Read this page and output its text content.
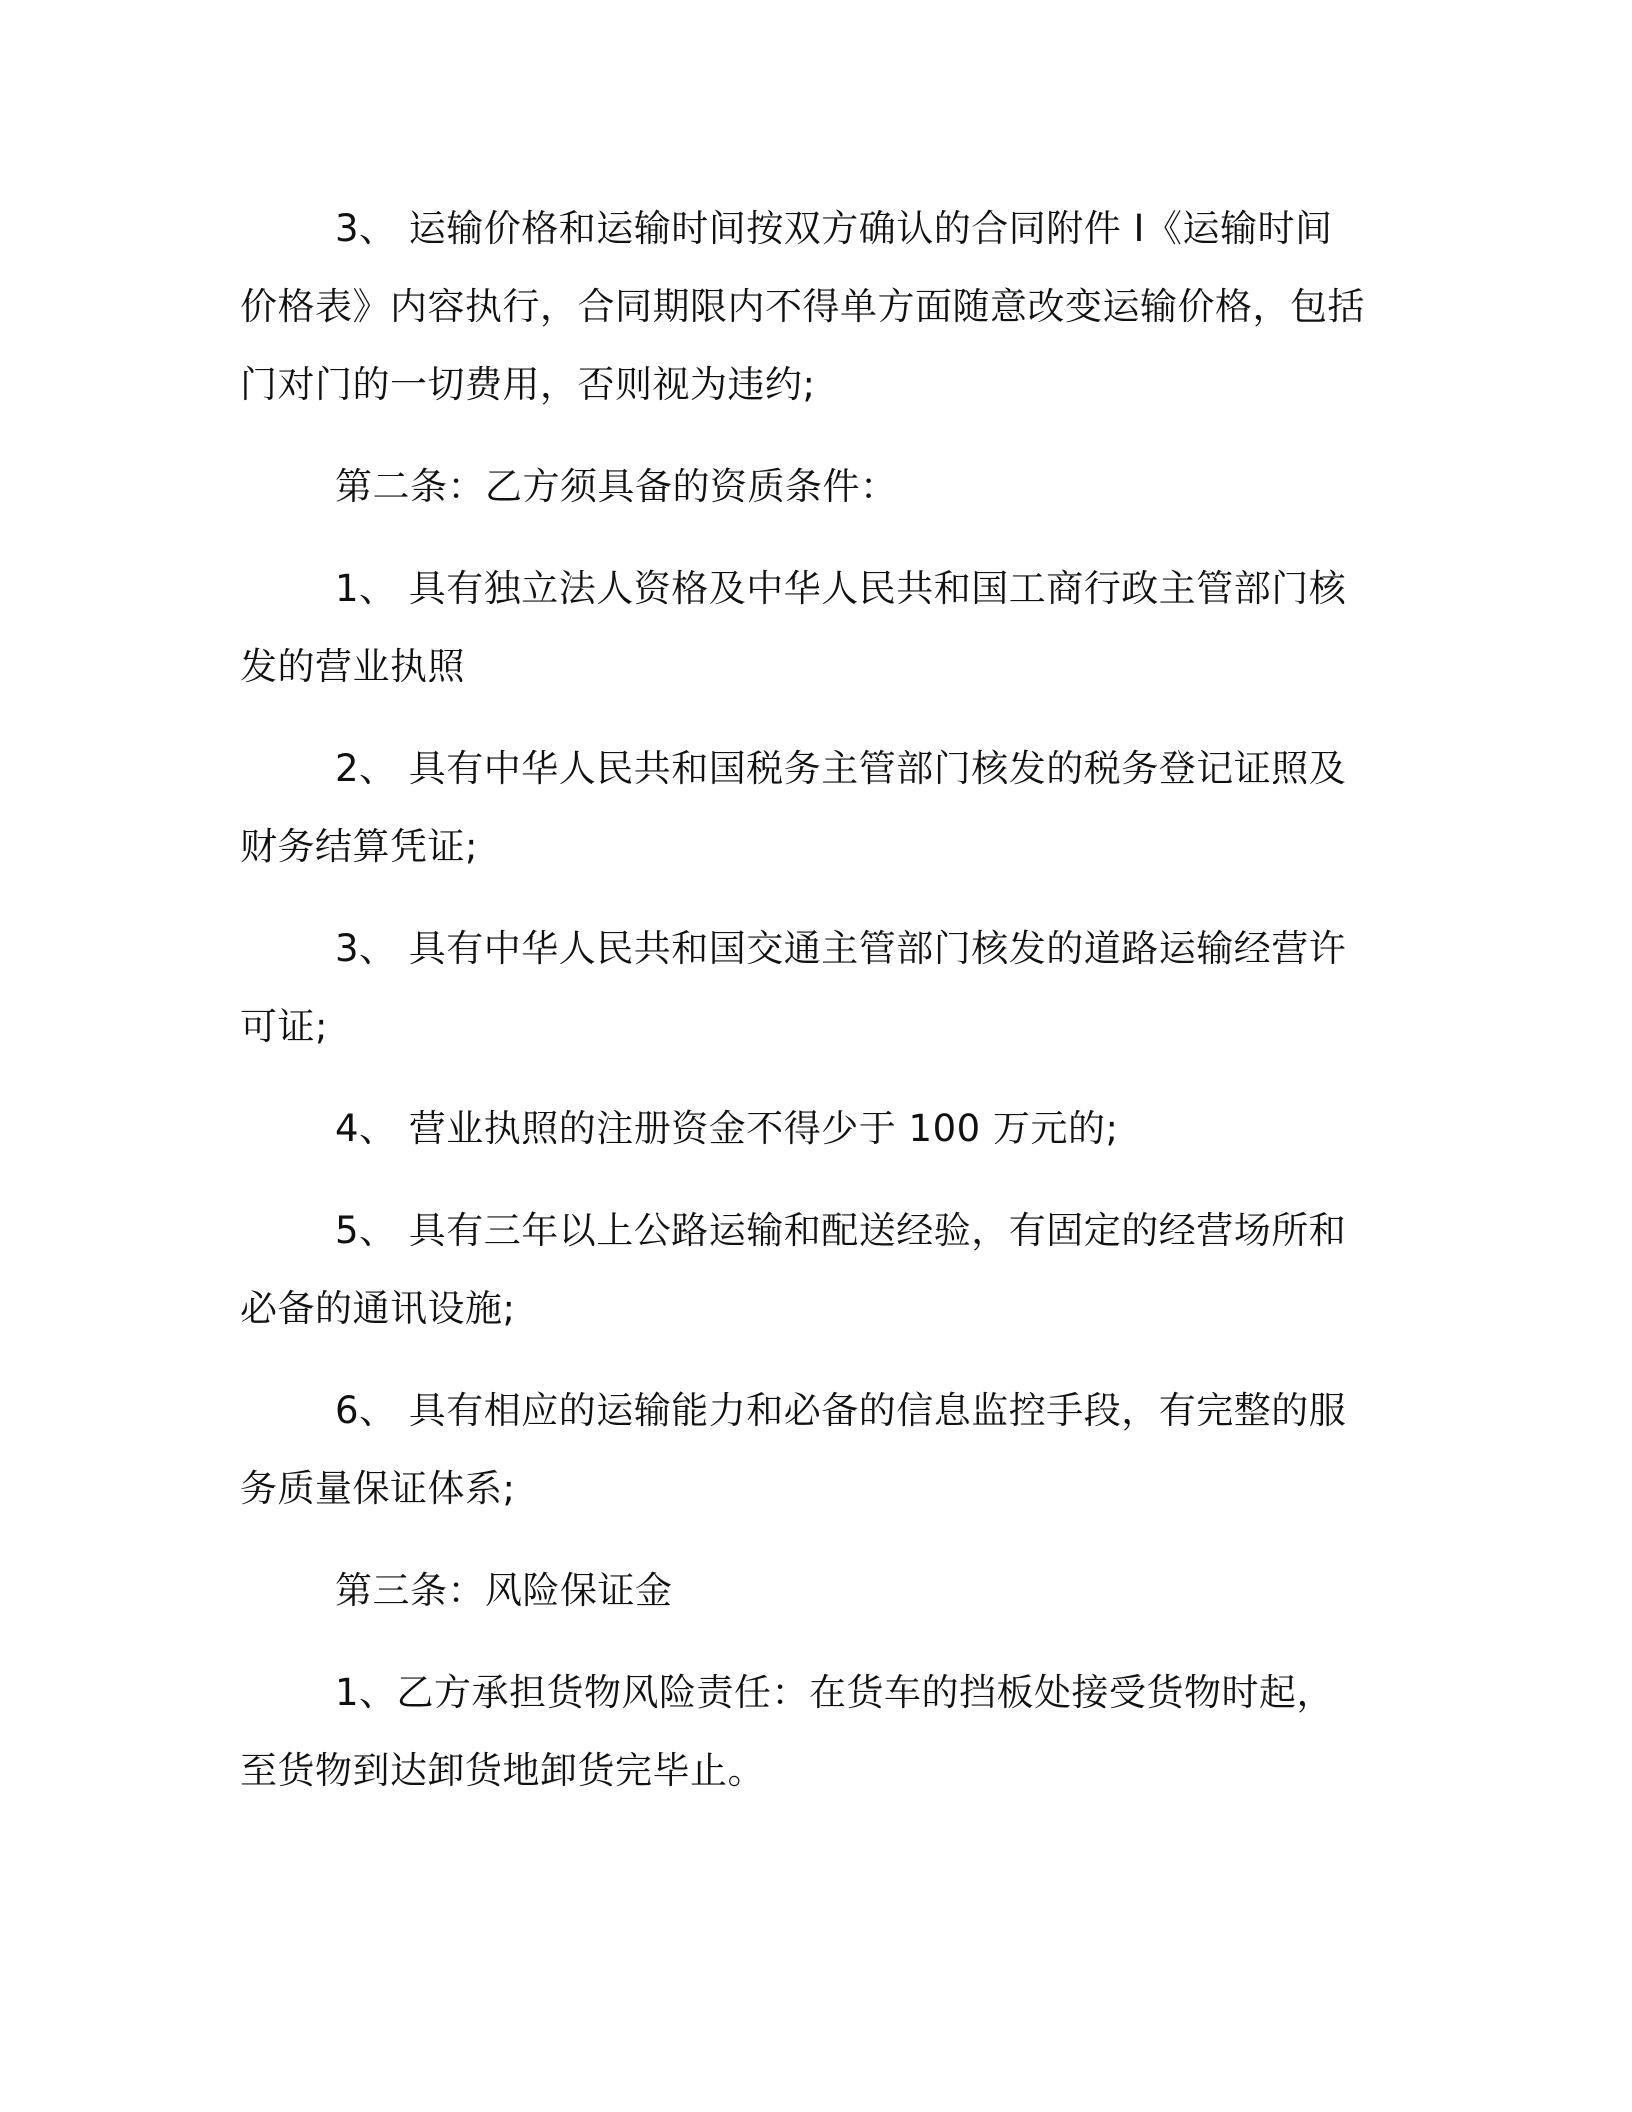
3、 运输价格和运输时间按双方确认的合同附件 I《运输时间价格表》内容执行，合同期限内不得单方面随意改变运输价格，包括门对门的一切费用，否则视为违约;

第二条：乙方须具备的资质条件：

1、 具有独立法人资格及中华人民共和国工商行政主管部门核发的营业执照

2、 具有中华人民共和国税务主管部门核发的税务登记证照及财务结算凭证;

3、 具有中华人民共和国交通主管部门核发的道路运输经营许可证;

4、 营业执照的注册资金不得少于 100 万元的;

5、 具有三年以上公路运输和配送经验，有固定的经营场所和必备的通讯设施;

6、 具有相应的运输能力和必备的信息监控手段，有完整的服务质量保证体系;

第三条：风险保证金

1、乙方承担货物风险责任：在货车的挡板处接受货物时起，至货物到达卸货地卸货完毕止。
